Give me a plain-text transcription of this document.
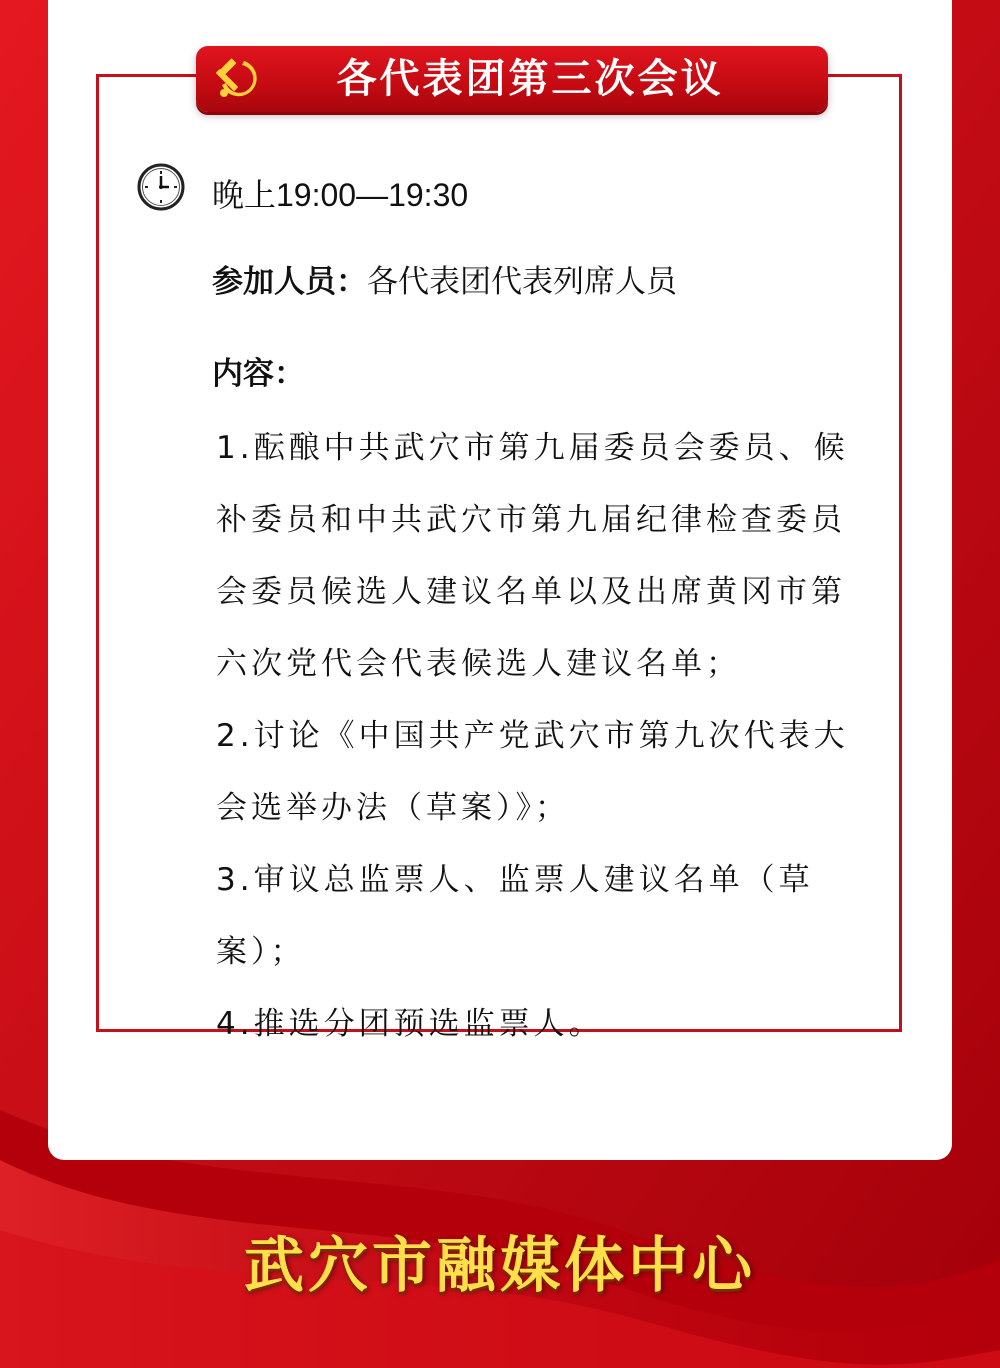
各代表团第三次会议
晚上19:00—19:30
参加人员：各代表团代表列席人员
内容：
1.酝酿中共武穴市第九届委员会委员、候补委员和中共武穴市第九届纪律检查委员会委员候选人建议名单以及出席黄冈市第六次党代会代表候选人建议名单；
2.讨论《中国共产党武穴市第九次代表大会选举办法（草案）》；
3.审议总监票人、监票人建议名单（草案）；
4.推选分团预选监票人。
武穴市融媒体中心
